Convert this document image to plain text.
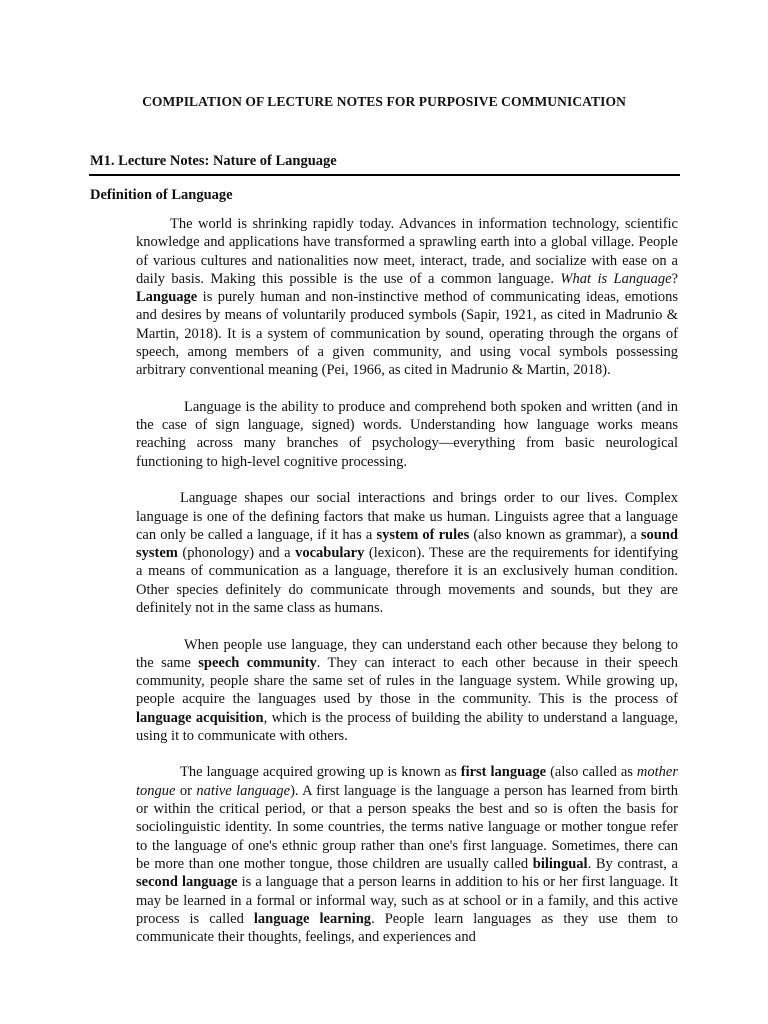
COMPILATION OF LECTURE NOTES FOR PURPOSIVE COMMUNICATION
M1. Lecture Notes: Nature of Language
Definition of Language

The world is shrinking rapidly today. Advances in information technology, scientific knowledge and applications have transformed a sprawling earth into a global village. People of various cultures and nationalities now meet, interact, trade, and socialize with ease on a daily basis. Making this possible is the use of a common language. What is Language? Language is purely human and non-instinctive method of communicating ideas, emotions and desires by means of voluntarily produced symbols (Sapir, 1921, as cited in Madrunio & Martin, 2018). It is a system of communication by sound, operating through the organs of speech, among members of a given community, and using vocal symbols possessing arbitrary conventional meaning (Pei, 1966, as cited in Madrunio & Martin, 2018).

Language is the ability to produce and comprehend both spoken and written (and in the case of sign language, signed) words. Understanding how language works means reaching across many branches of psychology—everything from basic neurological functioning to high-level cognitive processing.

Language shapes our social interactions and brings order to our lives. Complex language is one of the defining factors that make us human. Linguists agree that a language can only be called a language, if it has a system of rules (also known as grammar), a sound system (phonology) and a vocabulary (lexicon). These are the requirements for identifying a means of communication as a language, therefore it is an exclusively human condition. Other species definitely do communicate through movements and sounds, but they are definitely not in the same class as humans.

When people use language, they can understand each other because they belong to the same speech community. They can interact to each other because in their speech community, people share the same set of rules in the language system. While growing up, people acquire the languages used by those in the community. This is the process of language acquisition, which is the process of building the ability to understand a language, using it to communicate with others.

The language acquired growing up is known as first language (also called as mother tongue or native language). A first language is the language a person has learned from birth or within the critical period, or that a person speaks the best and so is often the basis for sociolinguistic identity. In some countries, the terms native language or mother tongue refer to the language of one's ethnic group rather than one's first language. Sometimes, there can be more than one mother tongue, those children are usually called bilingual. By contrast, a second language is a language that a person learns in addition to his or her first language. It may be learned in a formal or informal way, such as at school or in a family, and this active process is called language learning. People learn languages as they use them to communicate their thoughts, feelings, and experiences and
